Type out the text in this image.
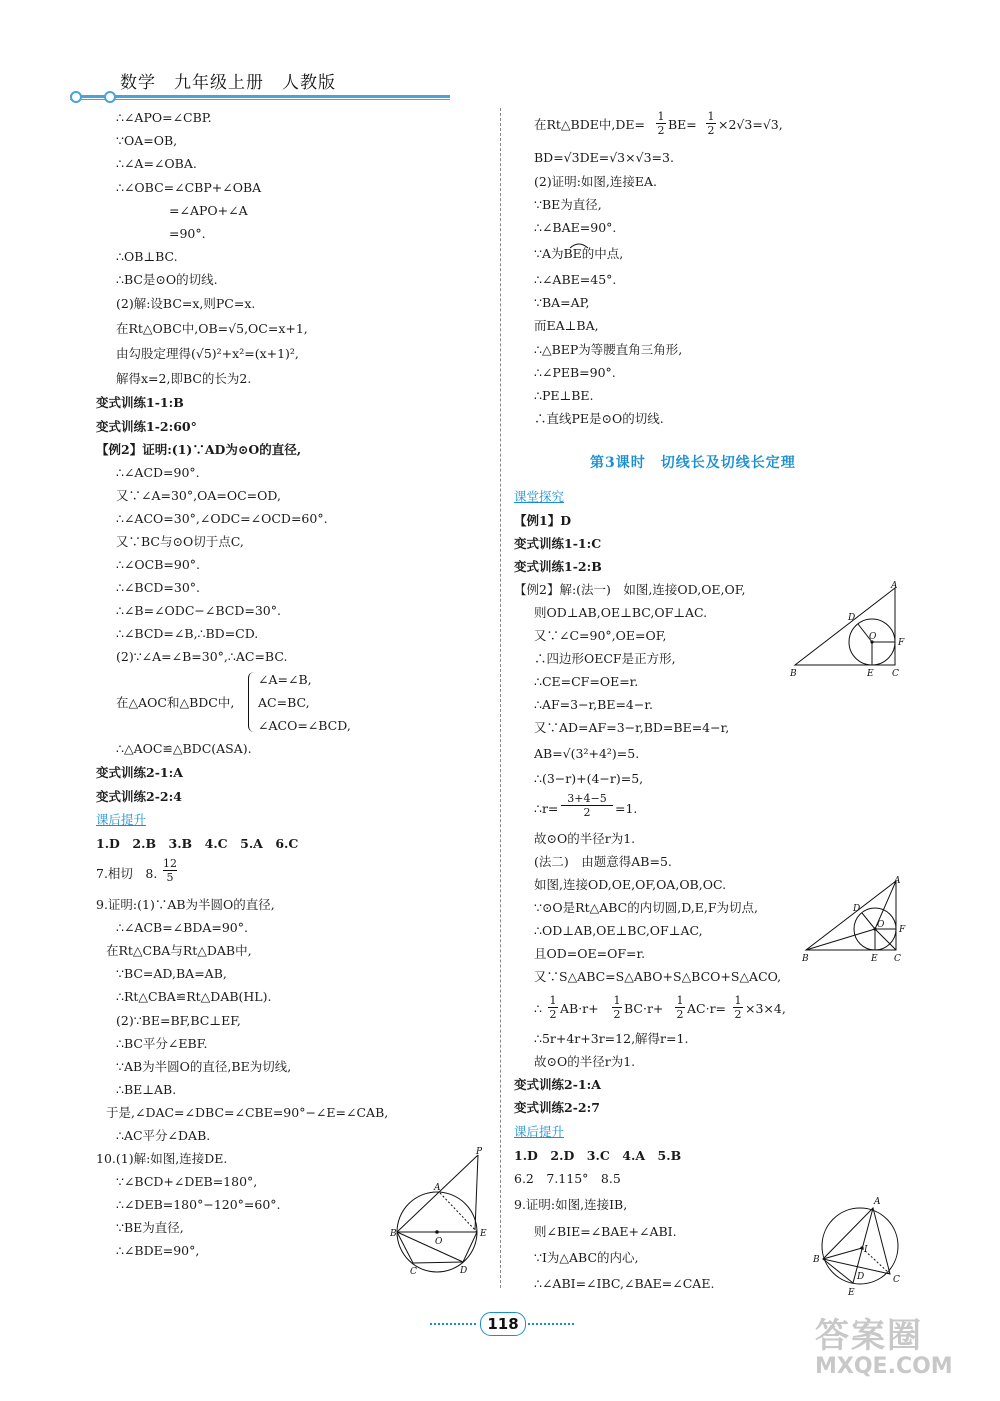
数学　九年级上册　人教版
∴∠APO=∠CBP.
∵OA=OB,
∴∠A=∠OBA.
∴∠OBC=∠CBP+∠OBA
=∠APO+∠A
=90°.
∴OB⊥BC.
∴BC是⊙O的切线.
(2)解:设BC=x,则PC=x.
在Rt△OBC中,OB=√5,OC=x+1,
由勾股定理得(√5)²+x²=(x+1)²,
解得x=2,即BC的长为2.
变式训练1-1:B
变式训练1-2:60°
【例2】证明:(1)∵AD为⊙O的直径,
∴∠ACD=90°.
又∵∠A=30°,OA=OC=OD,
∴∠ACO=30°,∠ODC=∠OCD=60°.
又∵BC与⊙O切于点C,
∴∠OCB=90°.
∴∠BCD=30°.
∴∠B=∠ODC−∠BCD=30°.
∴∠BCD=∠B,∴BD=CD.
(2)∵∠A=∠B=30°,∴AC=BC.
在△AOC和△BDC中,
∠A=∠B,
AC=BC,
∠ACO=∠BCD,
∴△AOC≌△BDC(ASA).
变式训练2-1:A
变式训练2-2:4
课后提升
1.D　2.B　3.B　4.C　5.A　6.C
7.相切　8. $\frac{12}{5}$
9.证明:(1)∵AB为半圆O的直径,
∴∠ACB=∠BDA=90°.
在Rt△CBA与Rt△DAB中,
∵BC=AD,BA=AB,
∴Rt△CBA≌Rt△DAB(HL).
(2)∵BE=BF,BC⊥EF,
∴BC平分∠EBF.
∵AB为半圆O的直径,BE为切线,
∴BE⊥AB.
于是,∠DAC=∠DBC=∠CBE=90°−∠E=∠CAB,
∴AC平分∠DAB.
10.(1)解:如图,连接DE.
∵∠BCD+∠DEB=180°,
∴∠DEB=180°−120°=60°.
∵BE为直径,
∴∠BDE=90°,
P
A
B	E
O
C	D
在Rt△BDE中$,DE= \frac{1}{2} BE= \frac{1}{2} \times 2√3=√3$,
BD=√3DE=√3×√3=3.
(2)证明:如图,连接EA.
∵BE为直径,
∴∠BAE=90°.
∵A为BE的中点,
∴∠ABE=45°.
∵BA=AP,
而EA⊥BA,
∴△BEP为等腰直角三角形,
∴∠PEB=90°.
∴PE⊥BE.
∴直线PE是⊙O的切线.
第3课时　切线长及切线长定理
课堂探究
【例1】D
变式训练1-1:C
变式训练1-2:B
【例2】解:(法一)　如图,连接OD,OE,OF,
则OD⊥AB,OE⊥BC,OF⊥AC.
又∵∠C=90°,OE=OF,
∴四边形OECF是正方形,
∴CE=CF=OE=r.
∴AF=3−r,BE=4−r.
又∵AD=AF=3−r,BD=BE=4−r,
AB=√(3²+4²)=5.
∴(3−r)+(4−r)=5,
∴r= $\frac{3+4-5}{2} =1$.
故⊙O的半径r为1.
(法二)　由题意得AB=5.
如图,连接OD,OE,OF,OA,OB,OC.
∵⊙O是Rt△ABC的内切圆,D,E,F为切点,
∴OD⊥AB,OE⊥BC,OF⊥AC,
且OD=OE=OF=r.
又∵S△ABC=S△ABO+S△BCO+S△ACO,
∴ $\frac{1}{2} AB\cdot r+ \frac{1}{2} BC\cdot r+ \frac{1}{2} AC\cdot r= \frac{1}{2} \times 3\times 4$,
∴5r+4r+3r=12,解得r=1.
故⊙O的半径r为1.
变式训练2-1:A
变式训练2-2:7
课后提升
1.D　2.D　3.C　4.A　5.B
6.2　7.115°　8.5
9.证明:如图,连接IB,
则∠BIE=∠BAE+∠ABI.
∵I为△ABC的内心,
∴∠ABI=∠IBC,∠BAE=∠CAE.
A
D
O
F
B	E C
A
D
O F
B	E C
A
I
B
D	C
E
118	答案圈
MXQE.COM
